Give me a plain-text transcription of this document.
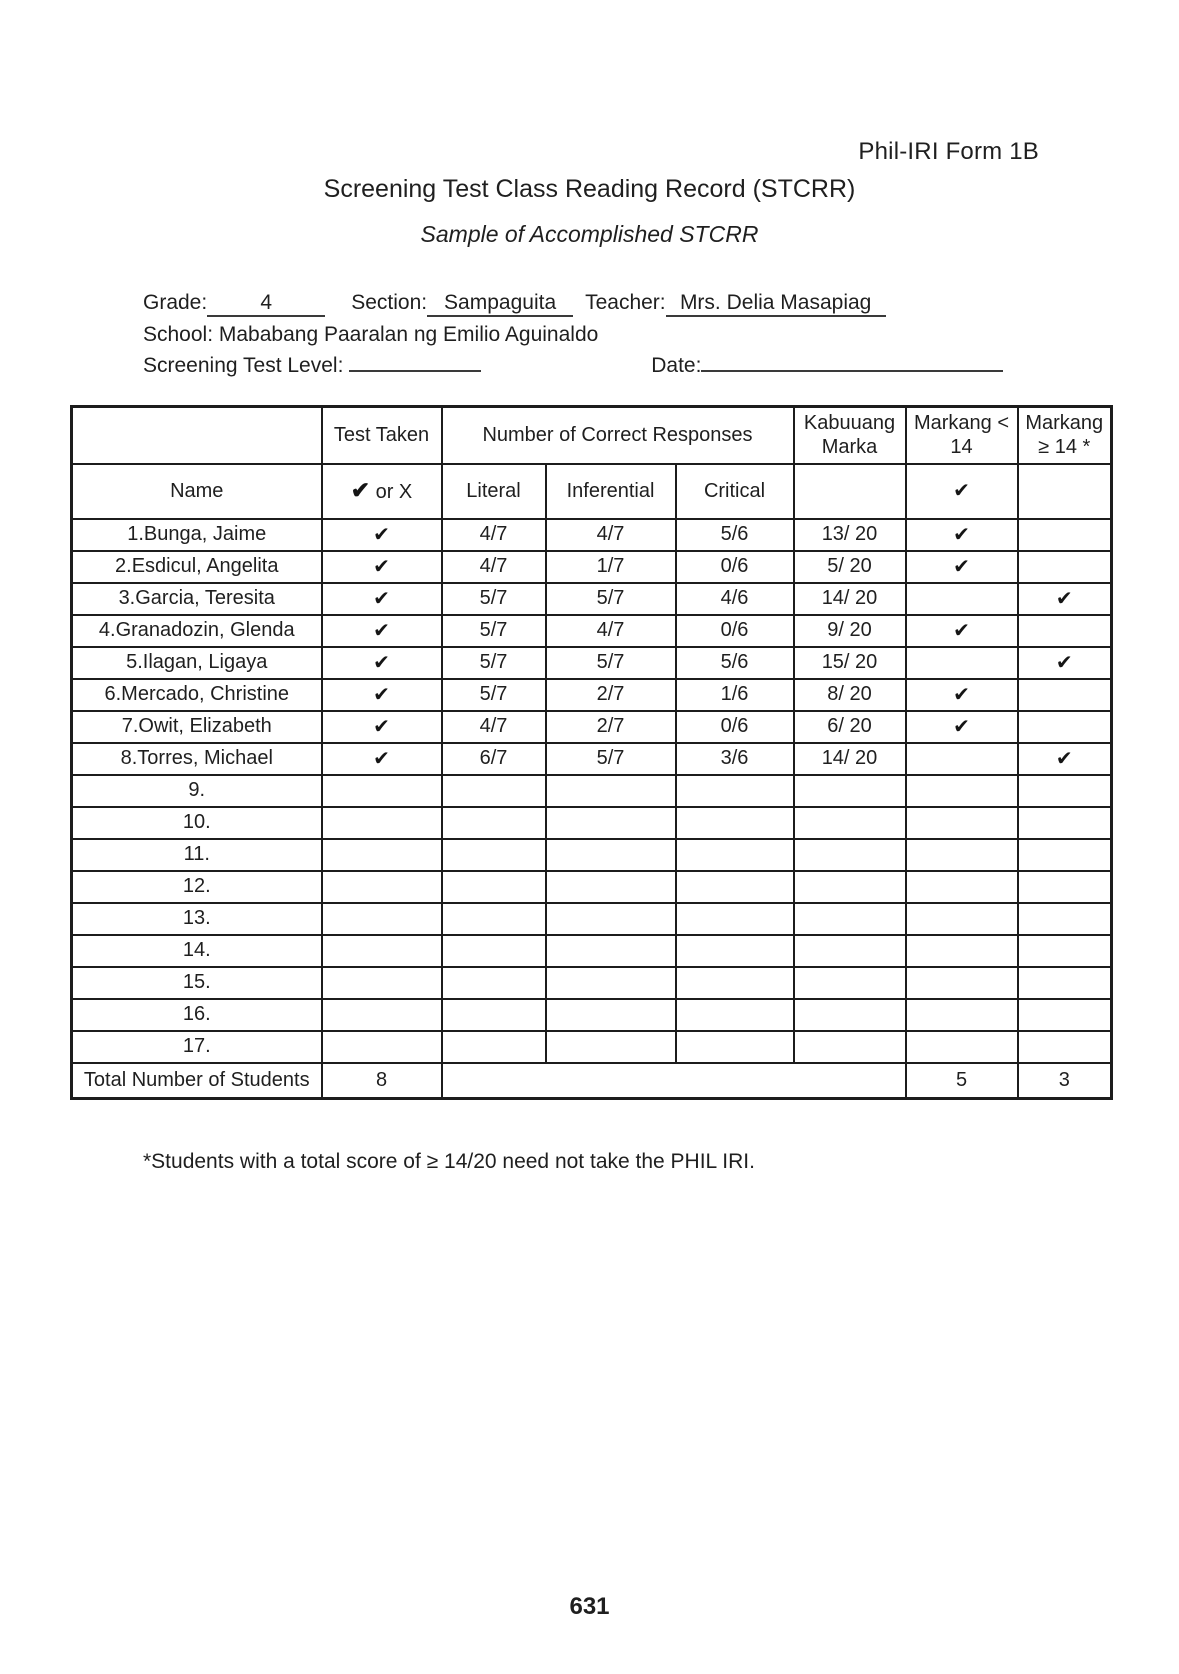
Phil-IRI Form 1B
Screening Test Class Reading Record (STCRR)
Sample of Accomplished STCRR
Grade:	4	Section: Sampaguita	Teacher: Mrs. Delia Masapiag
School: Mababang Paaralan ng Emilio Aguinaldo
Screening Test Level:
	Date:
	Test Taken	Number of Correct Responses			Kabuuang Marka	Markang < 14	Markang ≥ 14 *
Name	✔ or X	Literal	Inferential	Critical		✔	
1.Bunga, Jaime	✔	4/7	4/7	5/6	13/ 20	✔	
2.Esdicul, Angelita	✔	4/7	1/7	0/6	5/ 20	✔	
3.Garcia, Teresita	✔	5/7	5/7	4/6	14/ 20		✔
4.Granadozin, Glenda	✔	5/7	4/7	0/6	9/ 20	✔	
5.Ilagan, Ligaya	✔	5/7	5/7	5/6	15/ 20		✔
6.Mercado, Christine	✔	5/7	2/7	1/6	8/ 20	✔	
7.Owit, Elizabeth	✔	4/7	2/7	0/6	6/ 20	✔	
8.Torres, Michael	✔	6/7	5/7	3/6	14/ 20		✔
9.							
10.							
11.							
12.							
13.							
14.							
15.							
16.							
17.							
Total Number of Students	8					5	3
*Students with a total score of ≥ 14/20 need not take the PHIL IRI.
631
